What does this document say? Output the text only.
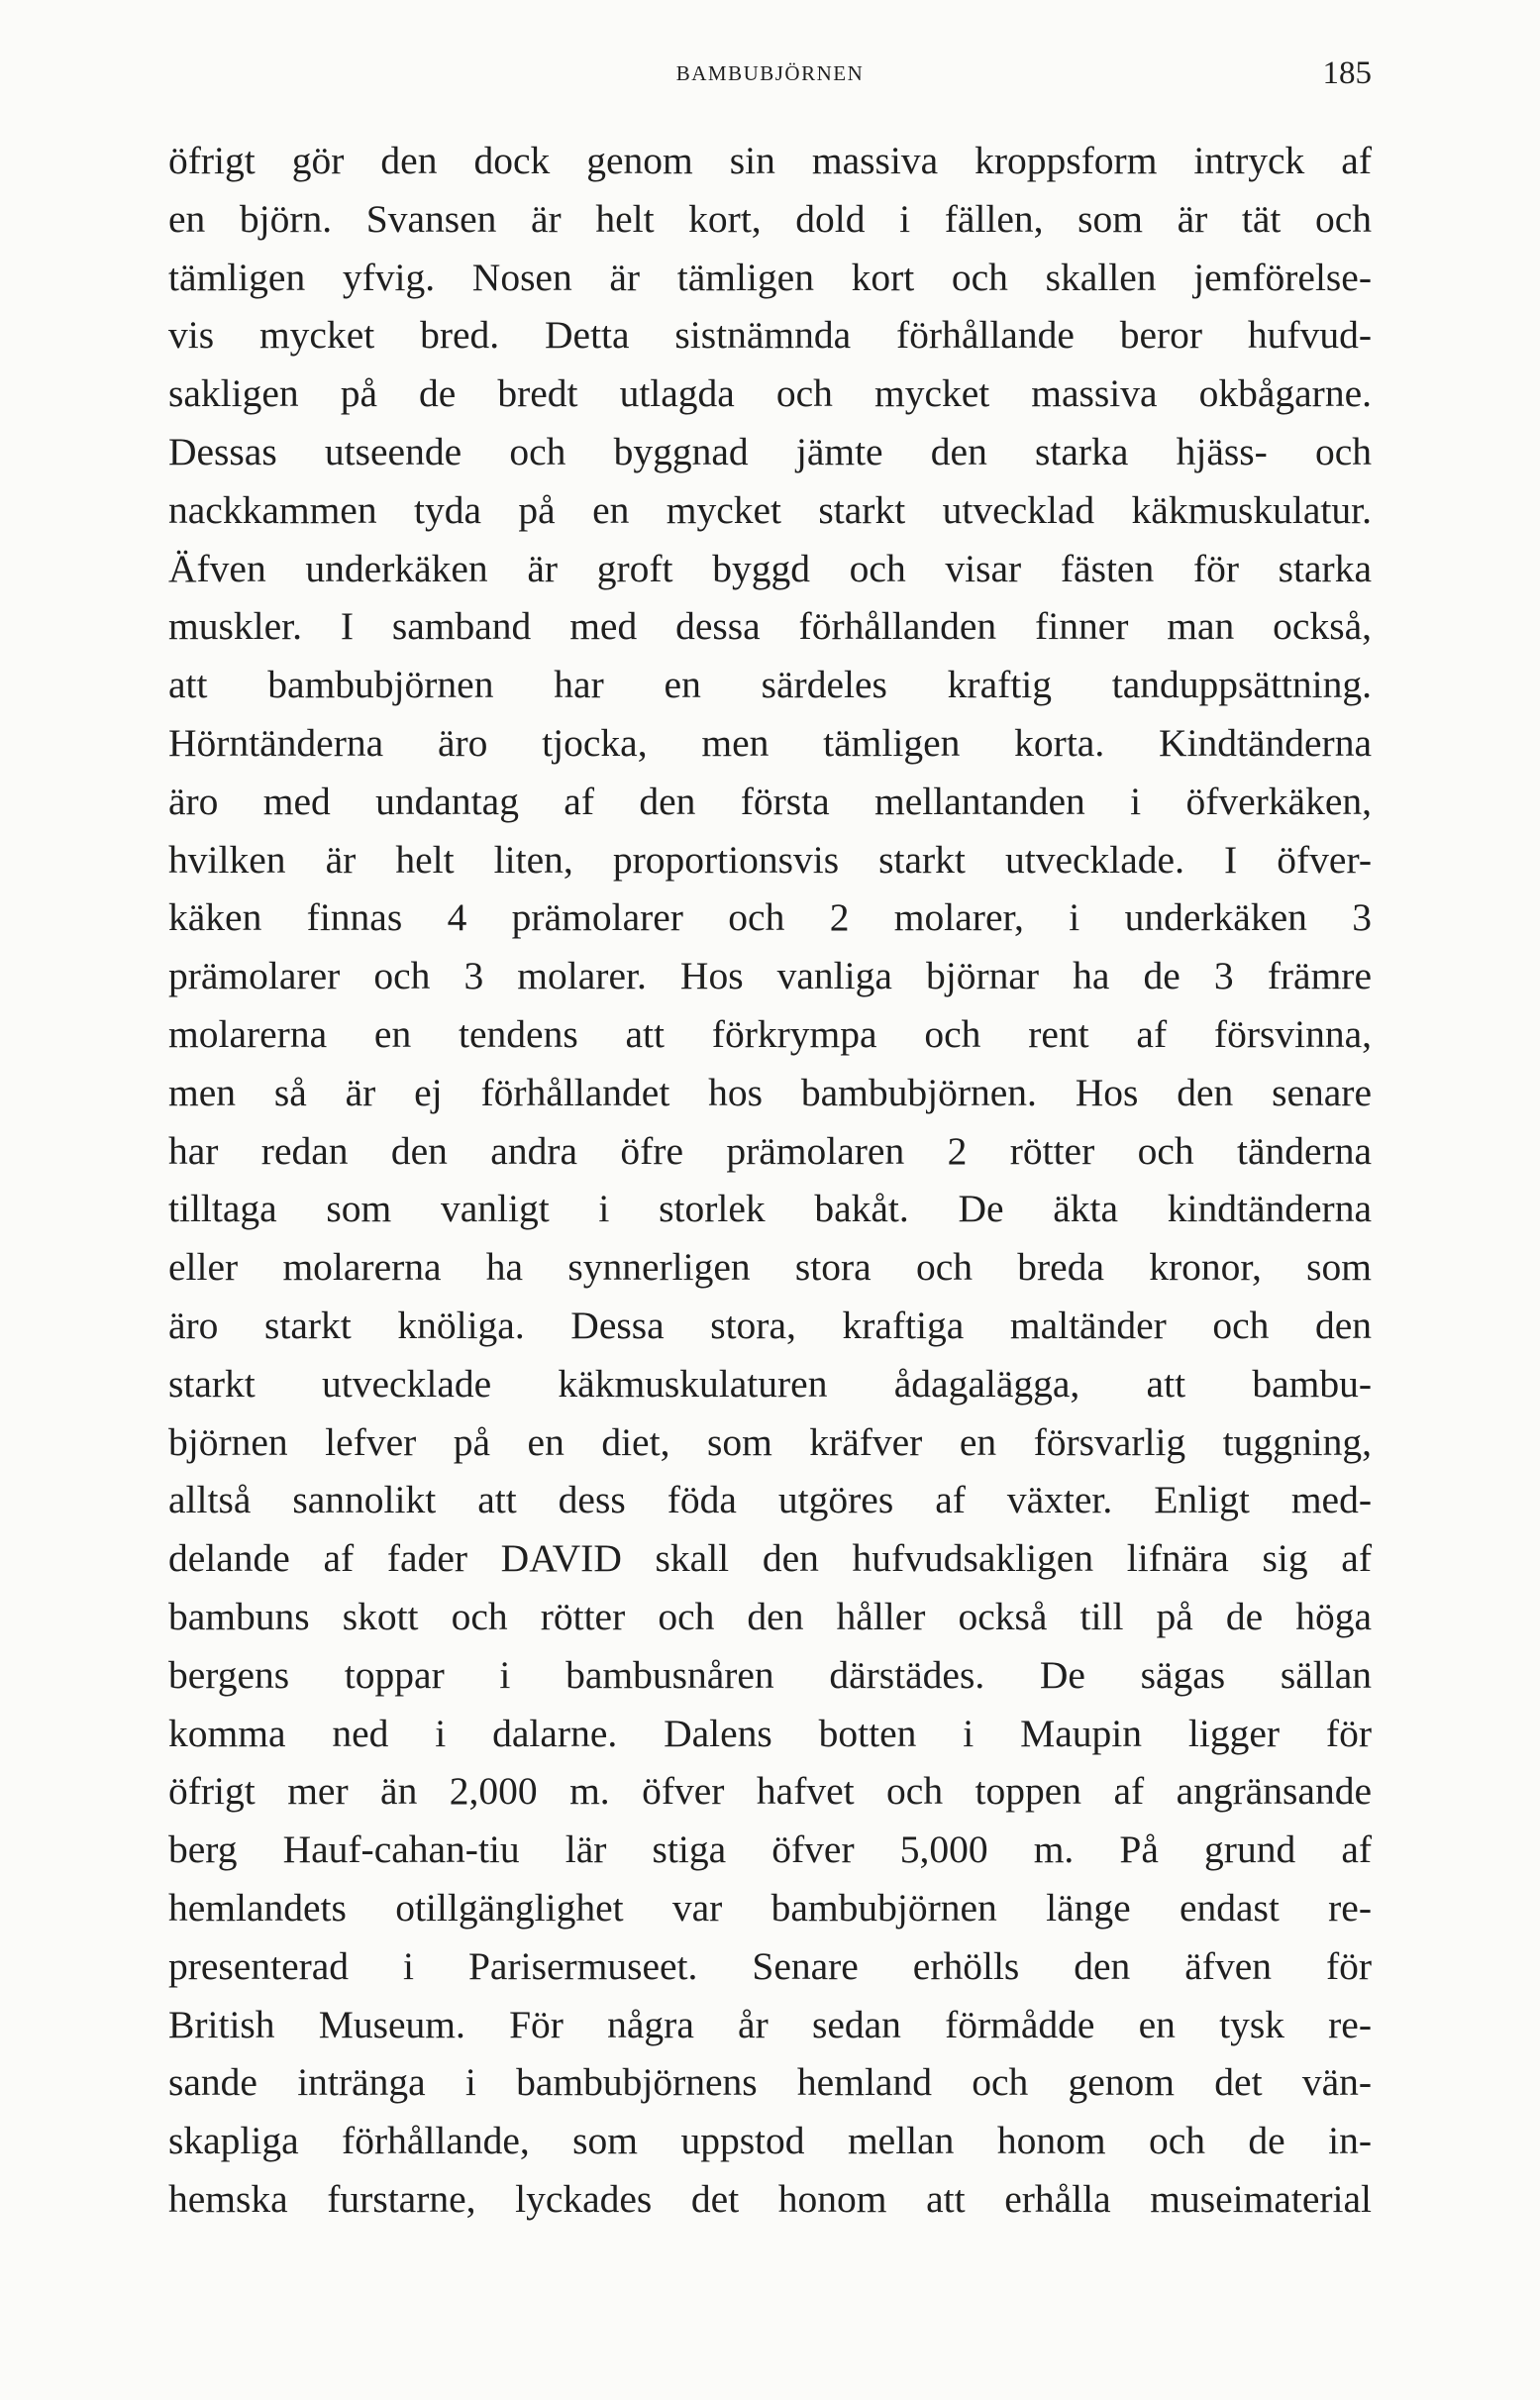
BAMBUBJÖRNEN	185
öfrigt gör den dock genom sin massiva kroppsform intryck af
en björn. Svansen är helt kort, dold i fällen, som är tät och
tämligen yfvig. Nosen är tämligen kort och skallen jemförelse-
vis mycket bred. Detta sistnämnda förhållande beror hufvud-
sakligen på de bredt utlagda och mycket massiva okbågarne.
Dessas utseende och byggnad jämte den starka hjäss- och
nackkammen tyda på en mycket starkt utvecklad käkmuskulatur.
Äfven underkäken är groft byggd och visar fästen för starka
muskler. I samband med dessa förhållanden finner man också,
att bambubjörnen har en särdeles kraftig tanduppsättning.
Hörntänderna äro tjocka, men tämligen korta. Kindtänderna
äro med undantag af den första mellantanden i öfverkäken,
hvilken är helt liten, proportionsvis starkt utvecklade. I öfver-
käken finnas 4 prämolarer och 2 molarer, i underkäken 3
prämolarer och 3 molarer. Hos vanliga björnar ha de 3 främre
molarerna en tendens att förkrympa och rent af försvinna,
men så är ej förhållandet hos bambubjörnen. Hos den senare
har redan den andra öfre prämolaren 2 rötter och tänderna
tilltaga som vanligt i storlek bakåt. De äkta kindtänderna
eller molarerna ha synnerligen stora och breda kronor, som
äro starkt knöliga. Dessa stora, kraftiga maltänder och den
starkt utvecklade käkmuskulaturen ådagalägga, att bambu-
björnen lefver på en diet, som kräfver en försvarlig tuggning,
alltså sannolikt att dess föda utgöres af växter. Enligt med-
delande af fader DAVID skall den hufvudsakligen lifnära sig af
bambuns skott och rötter och den håller också till på de höga
bergens toppar i bambusnåren därstädes. De sägas sällan
komma ned i dalarne. Dalens botten i Maupin ligger för
öfrigt mer än 2,000 m. öfver hafvet och toppen af angränsande
berg Hauf-cahan-tiu lär stiga öfver 5,000 m. På grund af
hemlandets otillgänglighet var bambubjörnen länge endast re-
presenterad i Parisermuseet. Senare erhölls den äfven för
British Museum. För några år sedan förmådde en tysk re-
sande intränga i bambubjörnens hemland och genom det vän-
skapliga förhållande, som uppstod mellan honom och de in-
hemska furstarne, lyckades det honom att erhålla museimaterial
